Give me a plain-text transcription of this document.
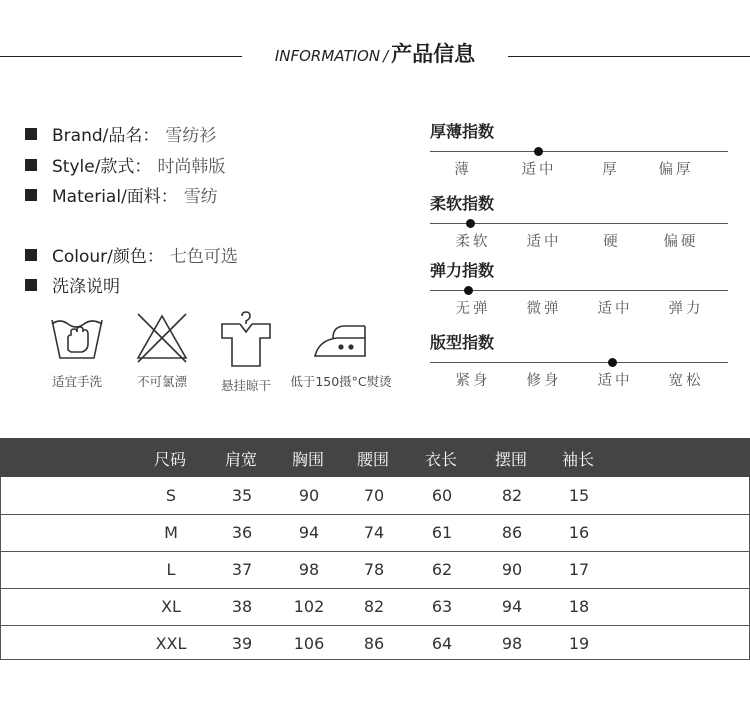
INFORMATION / 产品信息
Brand/品名： 雪纺衫
Style/款式： 时尚韩版
Material/面料： 雪纺
Colour/颜色： 七色可选
洗涤说明
适宜手洗	不可氯漂	悬挂晾干	低于150摄°C熨烫
厚薄指数
薄	适中	厚	偏厚
柔软指数
柔软	适中	硬	偏硬
弹力指数
无弹	微弹	适中	弹力
版型指数
紧身	修身	适中	宽松
尺码	肩宽	胸围	腰围	衣长	摆围	袖长
S	35	90	70	60	82	15
M	36	94	74	61	86	16
L	37	98	78	62	90	17
XL	38	102	82	63	94	18
XXL	39	106	86	64	98	19
